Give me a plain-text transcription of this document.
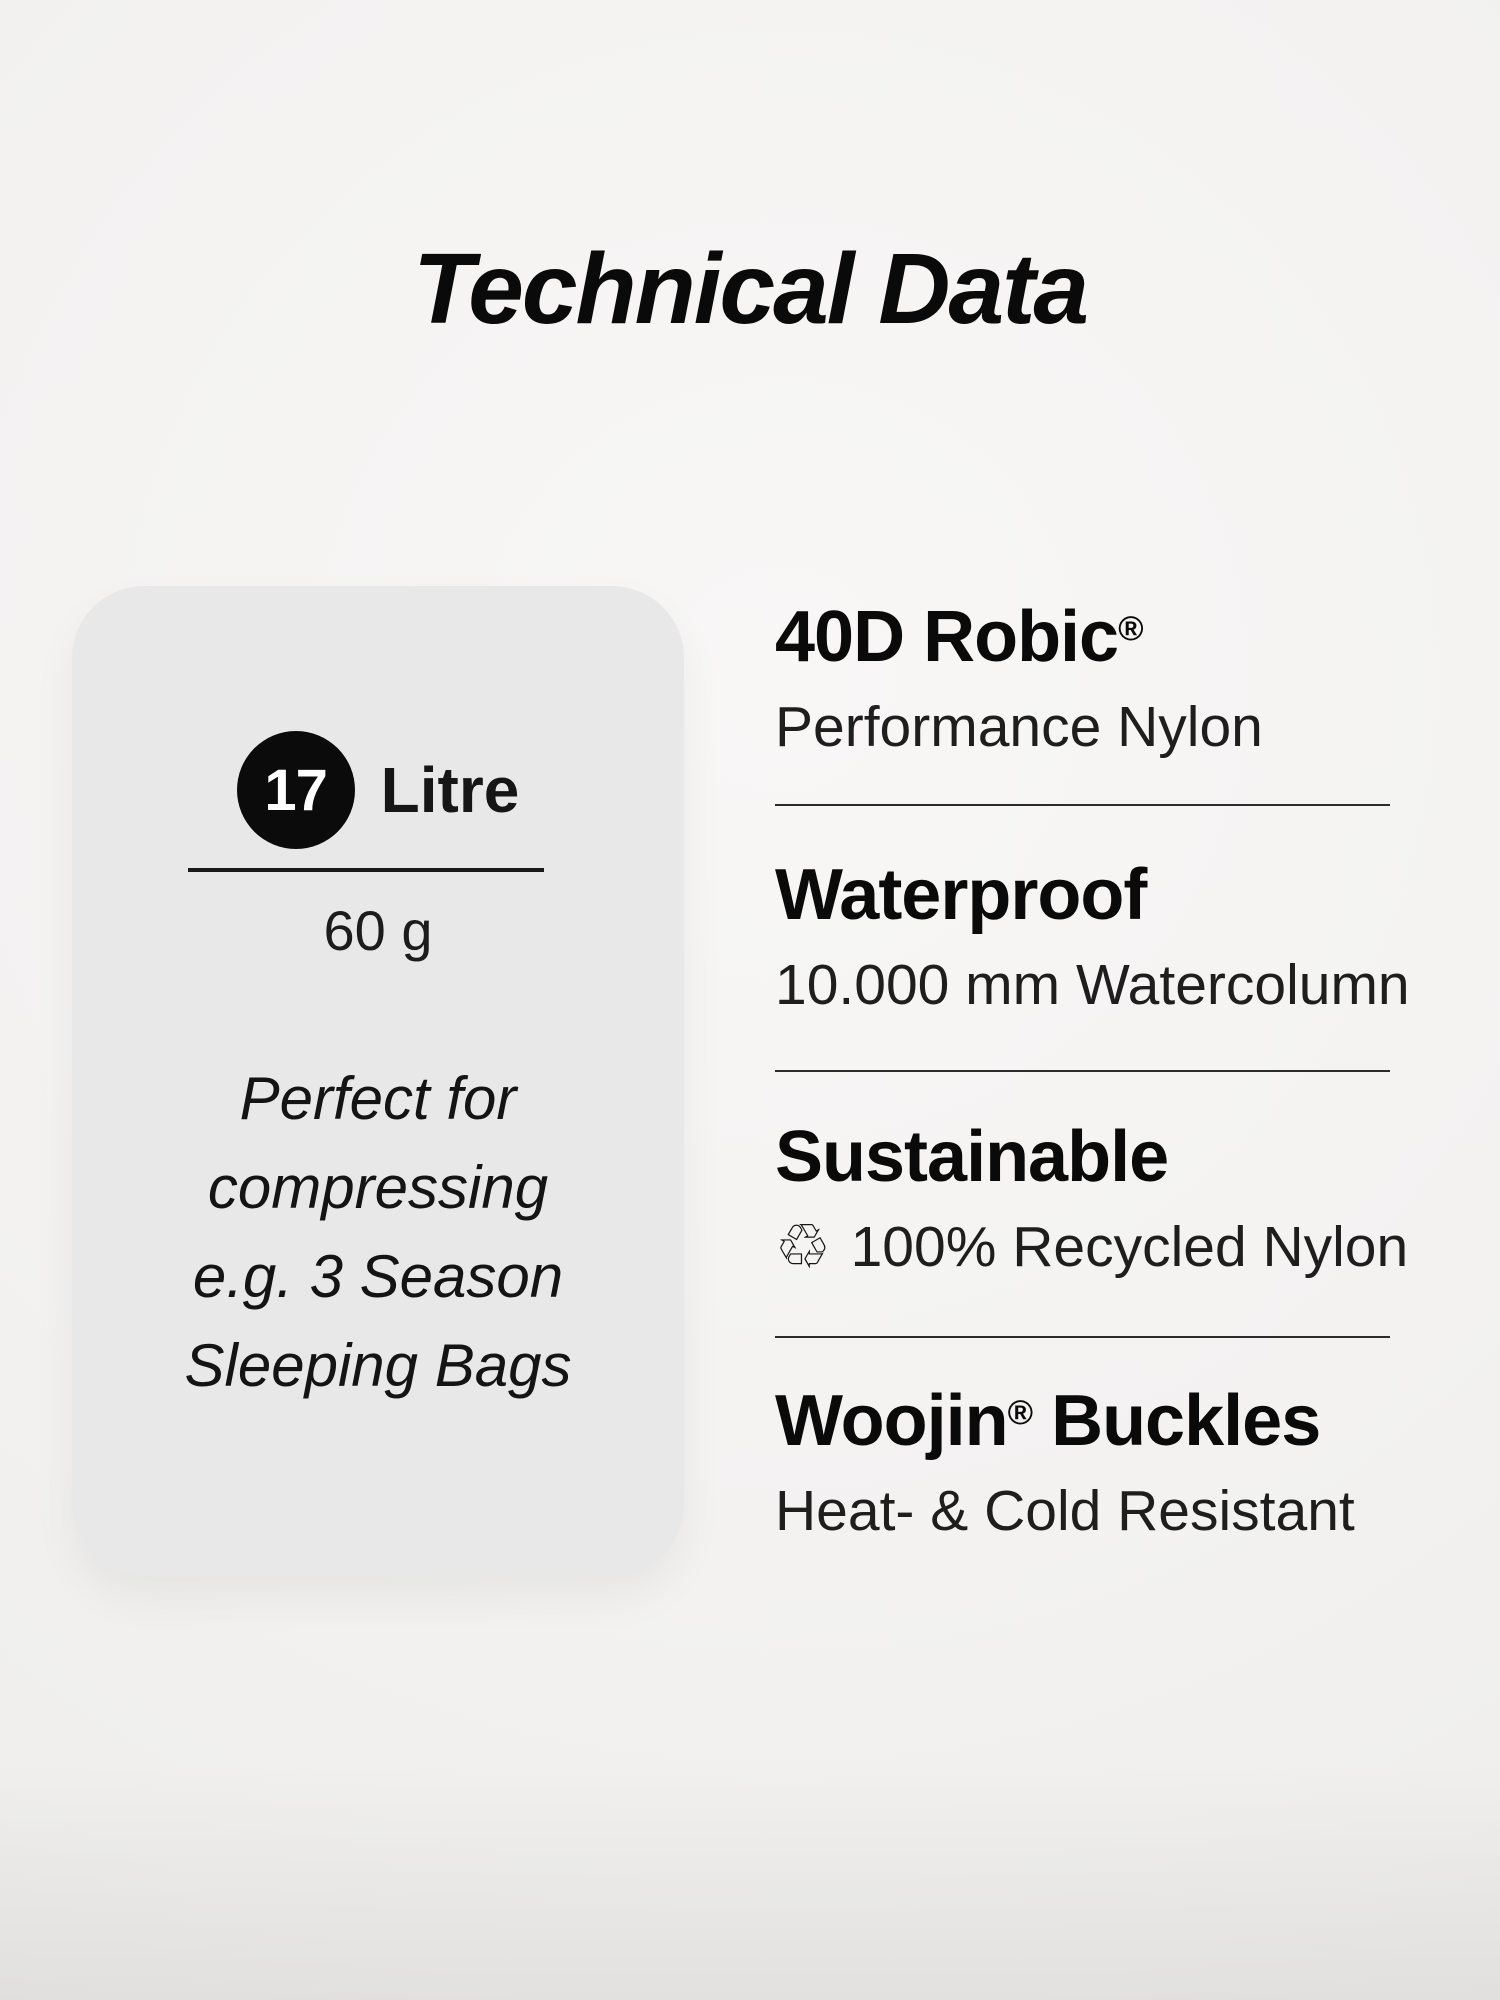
Technical Data
17 Litre
60 g
Perfect for
compressing
e.g. 3 Season
Sleeping Bags
40D Robic®

Performance Nylon

Waterproof

10.000 mm Watercolumn

Sustainable

♲ 100% Recycled Nylon

Woojin® Buckles

Heat- & Cold Resistant
